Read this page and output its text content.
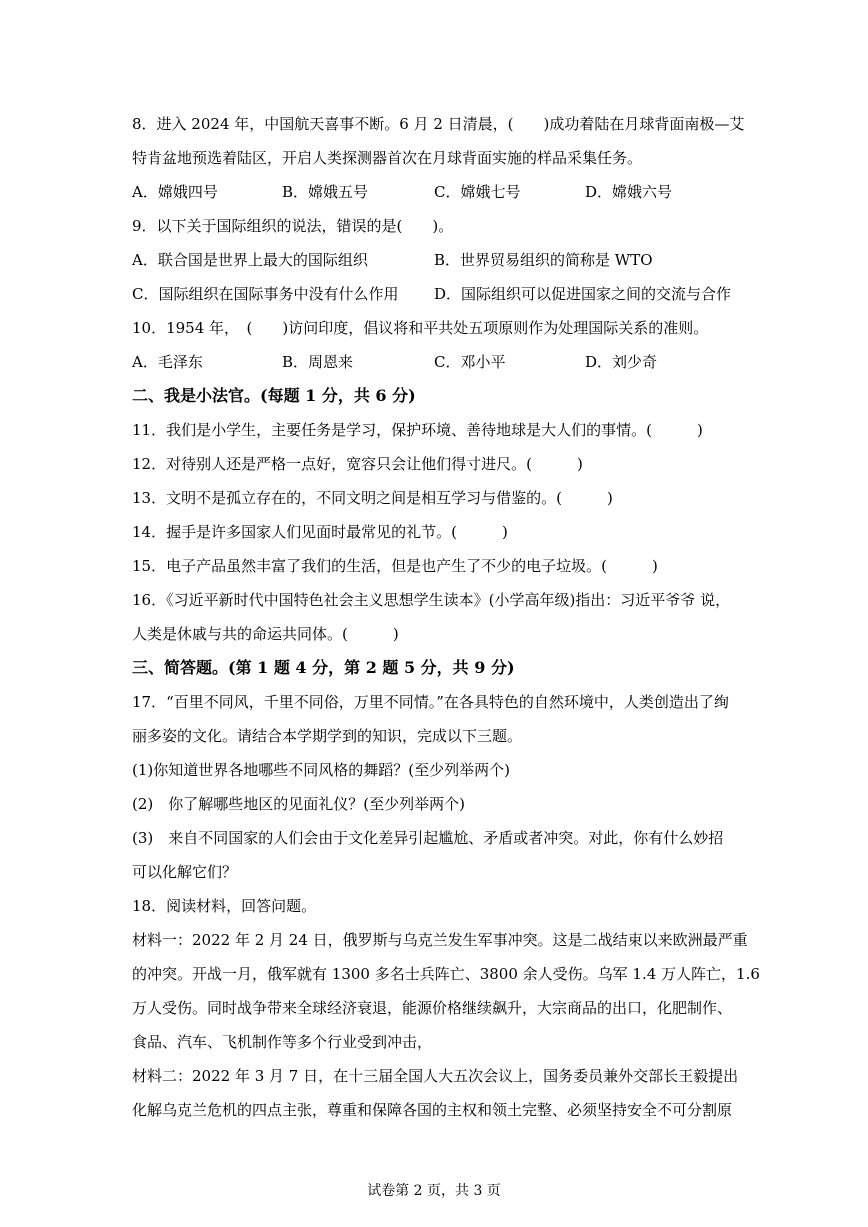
8．进入 2024 年，中国航天喜事不断。6 月 2 日清晨，(　　)成功着陆在月球背面南极—艾
特肯盆地预选着陆区，开启人类探测器首次在月球背面实施的样品采集任务。
A．嫦娥四号	B．嫦娥五号	C．嫦娥七号	D．嫦娥六号
9．以下关于国际组织的说法，错误的是(　　)。
A．联合国是世界上最大的国际组织	B．世界贸易组织的简称是 WTO
C．国际组织在国际事务中没有什么作用 D．国际组织可以促进国家之间的交流与合作
10．1954 年，　(　　)访问印度，倡议将和平共处五项原则作为处理国际关系的准则。
A．毛泽东	B．周恩来	C．邓小平	D．刘少奇
二、我是小法官。(每题 1 分，共 6 分)
11．我们是小学生，主要任务是学习，保护环境、善待地球是大人们的事情。(　　　)
12．对待别人还是严格一点好，宽容只会让他们得寸进尺。(　　　)
13．文明不是孤立存在的，不同文明之间是相互学习与借鉴的。(　　　)
14．握手是许多国家人们见面时最常见的礼节。(　　　)
15．电子产品虽然丰富了我们的生活，但是也产生了不少的电子垃圾。(　　　)
16．《习近平新时代中国特色社会主义思想学生读本》(小学高年级)指出：习近平爷爷 说，
人类是休戚与共的命运共同体。(　　　)
三、简答题。(第 1 题 4 分，第 2 题 5 分，共 9 分)
17．“百里不同风，千里不同俗，万里不同情。”在各具特色的自然环境中，人类创造出了绚
丽多姿的文化。请结合本学期学到的知识，完成以下三题。
(1)你知道世界各地哪些不同风格的舞蹈？(至少列举两个)
(2)　你了解哪些地区的见面礼仪？(至少列举两个)
(3)　来自不同国家的人们会由于文化差异引起尴尬、矛盾或者冲突。对此，你有什么妙招
可以化解它们？
18．阅读材料，回答问题。
材料一：2022 年 2 月 24 日，俄罗斯与乌克兰发生军事冲突。这是二战结束以来欧洲最严重
的冲突。开战一月，俄军就有 1300 多名士兵阵亡、3800 余人受伤。乌军 1.4 万人阵亡，1.6
万人受伤。同时战争带来全球经济衰退，能源价格继续飙升，大宗商品的出口，化肥制作、
食品、汽车、飞机制作等多个行业受到冲击，
材料二：2022 年 3 月 7 日，在十三届全国人大五次会议上，国务委员兼外交部长王毅提出
化解乌克兰危机的四点主张，尊重和保障各国的主权和领土完整、必须坚持安全不可分割原
试卷第 2 页，共 3 页
